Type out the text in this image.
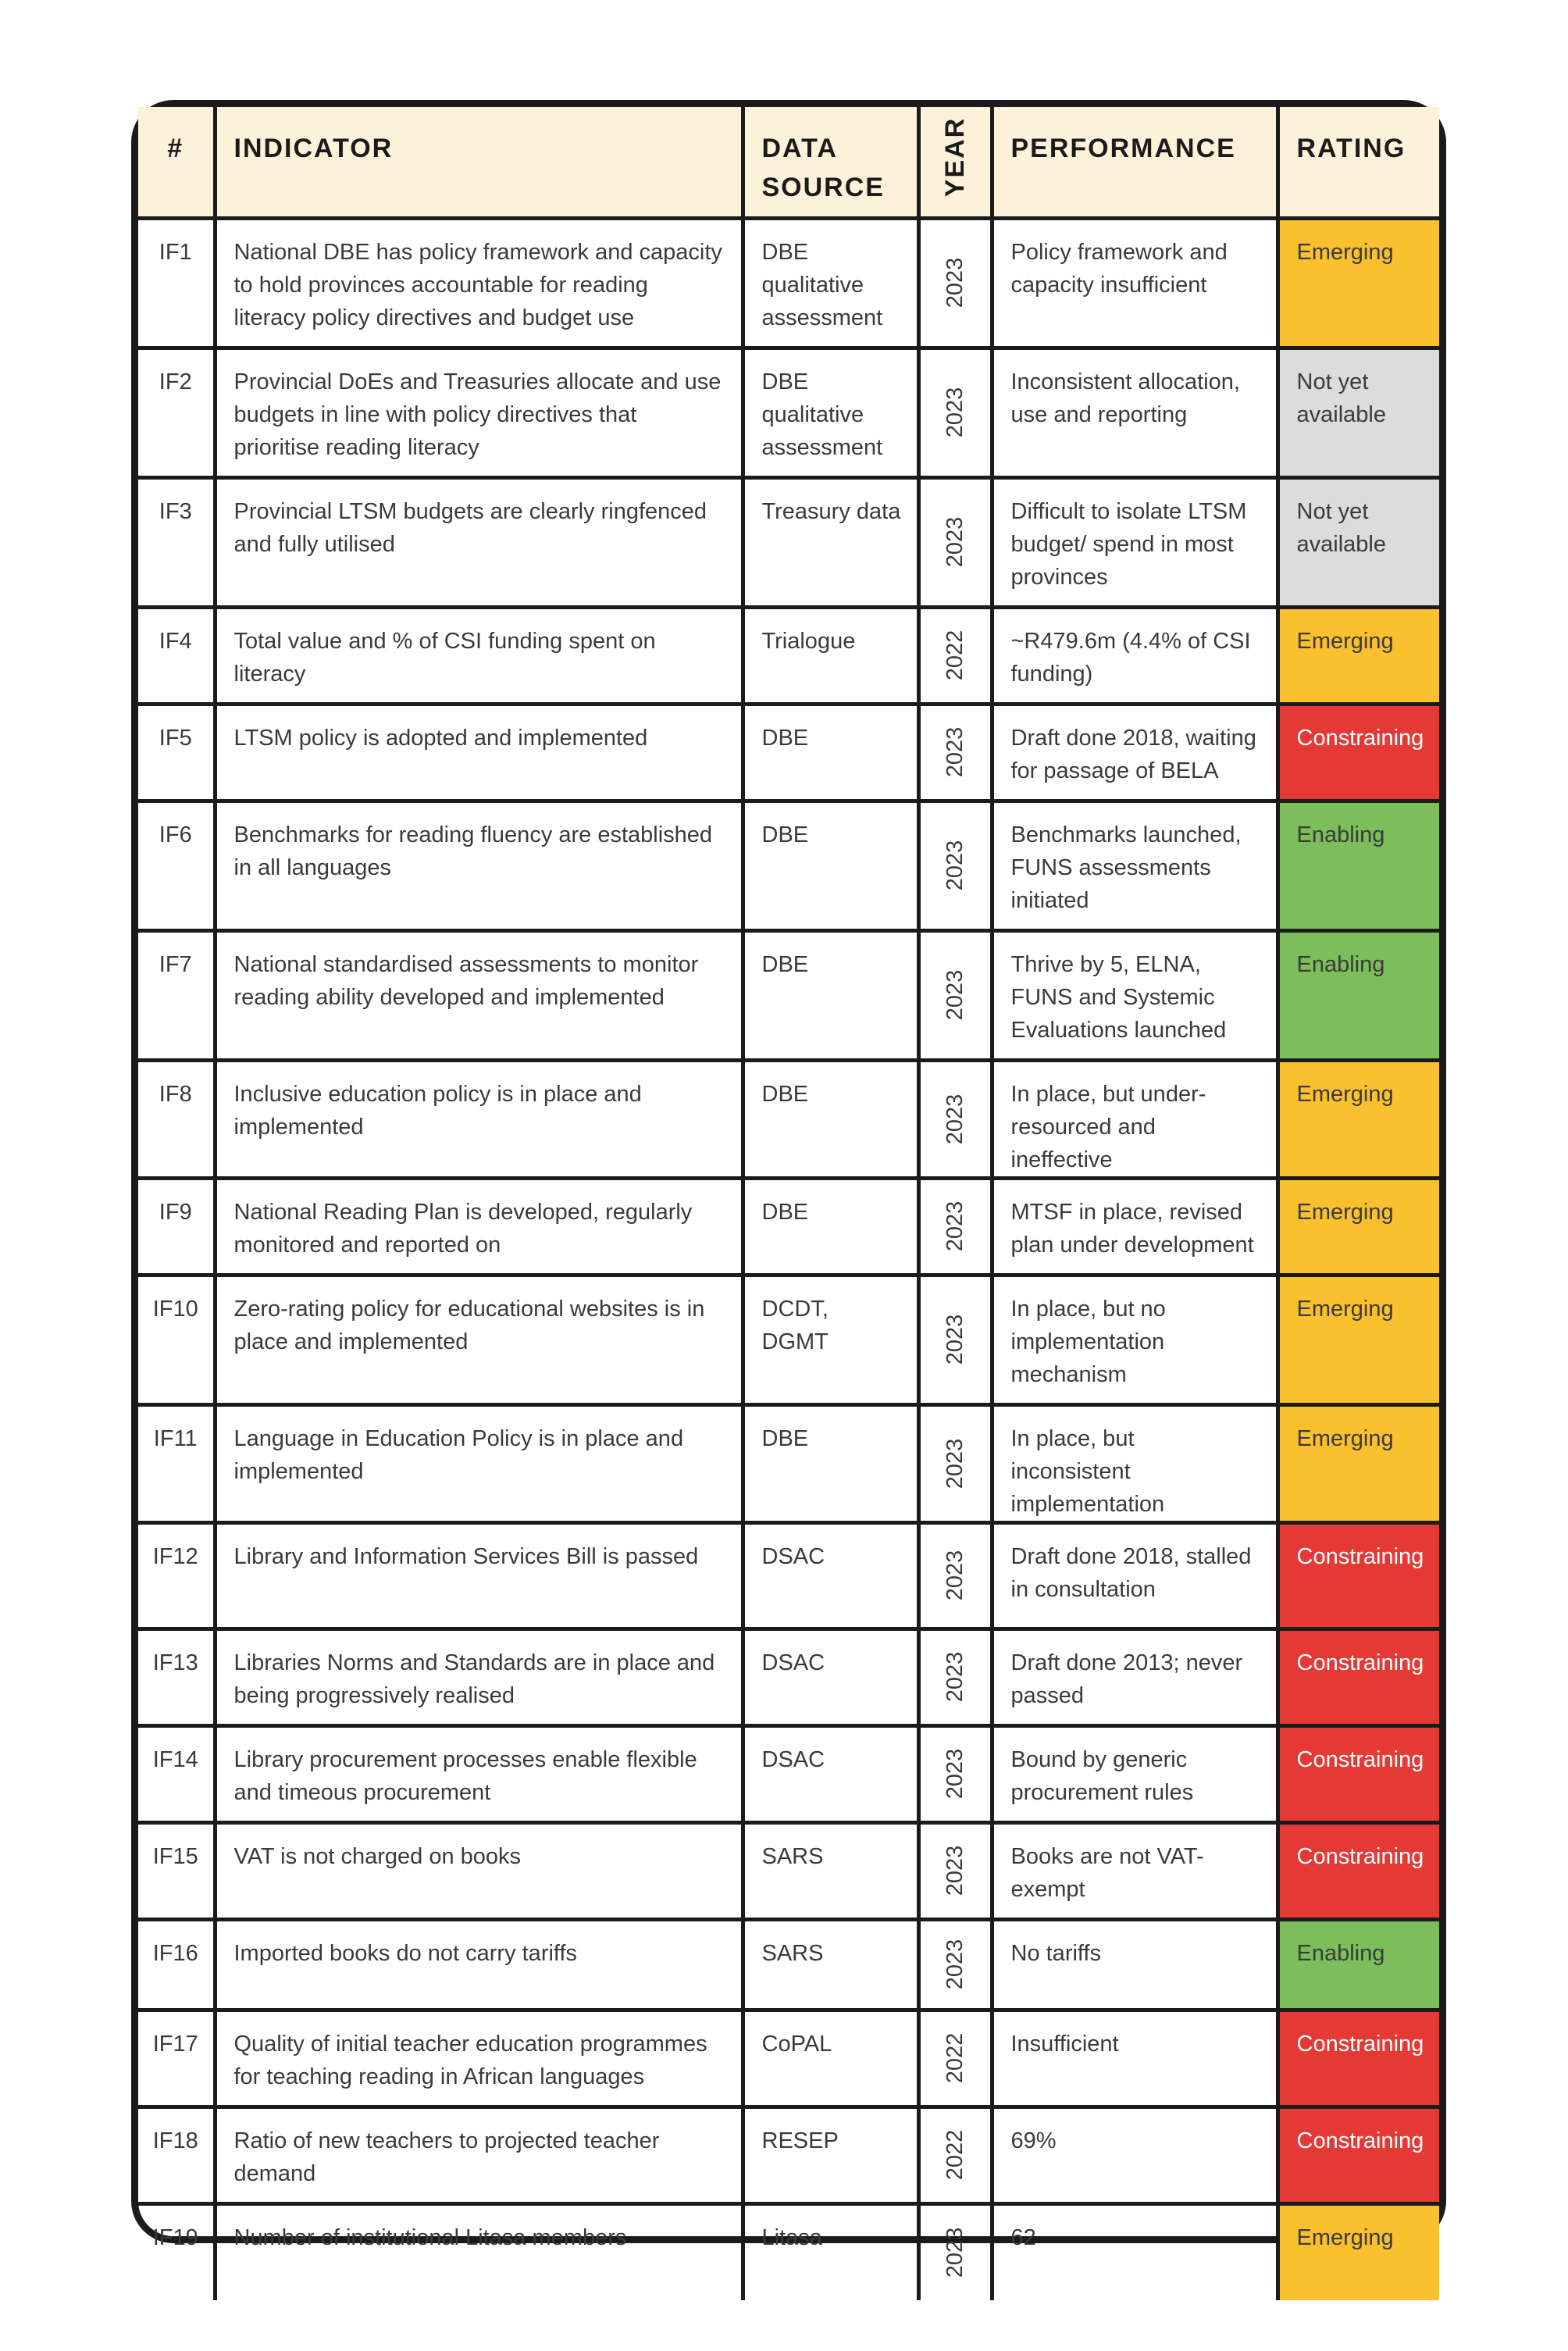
#	INDICATOR	DATA SOURCE	YEAR	PERFORMANCE	RATING
IF1	National DBE has policy framework and capacity to hold provinces accountable for reading literacy policy directives and budget use	DBE qualitative assessment	2023	Policy framework and capacity insufficient	Emerging
IF2	Provincial DoEs and Treasuries allocate and use budgets in line with policy directives that prioritise reading literacy	DBE qualitative assessment	2023	Inconsistent allocation, use and reporting	Not yet available
IF3	Provincial LTSM budgets are clearly ringfenced and fully utilised	Treasury data	2023	Difficult to isolate LTSM budget/ spend in most provinces	Not yet available
IF4	Total value and % of CSI funding spent on literacy	Trialogue	2022	~R479.6m (4.4% of CSI funding)	Emerging
IF5	LTSM policy is adopted and implemented	DBE	2023	Draft done 2018, waiting for passage of BELA	Constraining
IF6	Benchmarks for reading fluency are established in all languages	DBE	2023	Benchmarks launched, FUNS assessments initiated	Enabling
IF7	National standardised assessments to monitor reading ability developed and implemented	DBE	2023	Thrive by 5, ELNA, FUNS and Systemic Evaluations launched	Enabling
IF8	Inclusive education policy is in place and implemented	DBE	2023	In place, but under-resourced and ineffective	Emerging
IF9	National Reading Plan is developed, regularly monitored and reported on	DBE	2023	MTSF in place, revised plan under development	Emerging
IF10	Zero-rating policy for educational websites is in place and implemented	DCDT, DGMT	2023	In place, but no implementation mechanism	Emerging
IF11	Language in Education Policy is in place and implemented	DBE	2023	In place, but inconsistent implementation	Emerging
IF12	Library and Information Services Bill is passed	DSAC	2023	Draft done 2018, stalled in consultation	Constraining
IF13	Libraries Norms and Standards are in place and being progressively realised	DSAC	2023	Draft done 2013; never passed	Constraining
IF14	Library procurement processes enable flexible and timeous procurement	DSAC	2023	Bound by generic procurement rules	Constraining
IF15	VAT is not charged on books	SARS	2023	Books are not VAT-exempt	Constraining
IF16	Imported books do not carry tariffs	SARS	2023	No tariffs	Enabling
IF17	Quality of initial teacher education programmes for teaching reading in African languages	CoPAL	2022	Insufficient	Constraining
IF18	Ratio of new teachers to projected teacher demand	RESEP	2022	69%	Constraining
IF19	Number of institutional Litasa members	Litasa	2023	62	Emerging
